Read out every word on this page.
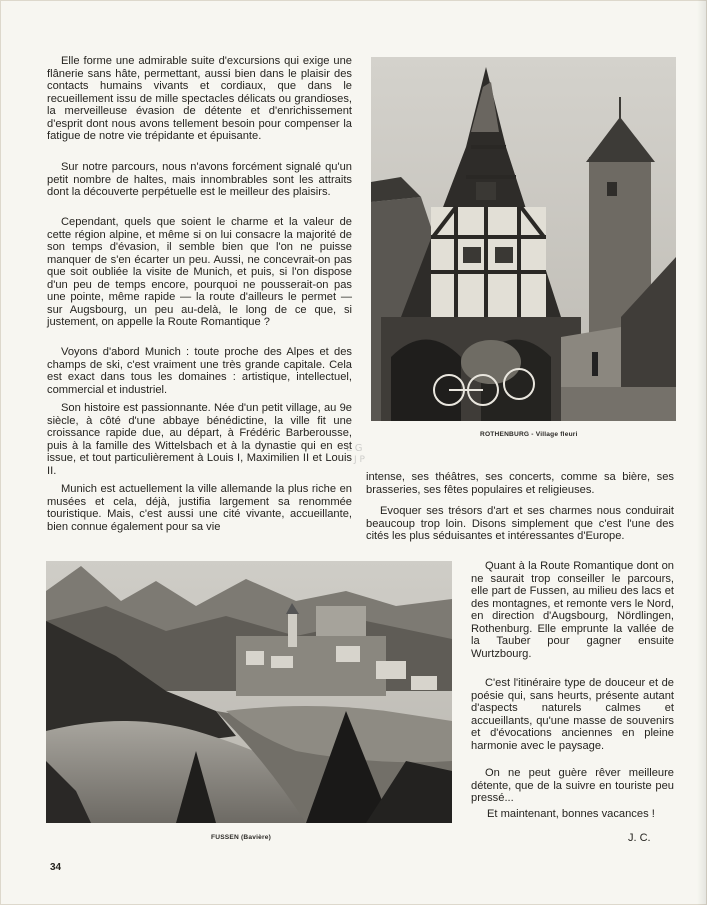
Elle forme une admirable suite d'excursions qui exige une flânerie sans hâte, permettant, aussi bien dans le plaisir des contacts humains vivants et cordiaux, que dans le recueillement issu de mille spectacles délicats ou grandioses, la merveilleuse évasion de détente et d'enrichissement d'esprit dont nous avons tellement besoin pour compenser la fatigue de notre vie trépidante et épuisante.

Sur notre parcours, nous n'avons forcément signalé qu'un petit nombre de haltes, mais innombrables sont les attraits dont la découverte perpétuelle est le meilleur des plaisirs.

Cependant, quels que soient le charme et la valeur de cette région alpine, et même si on lui consacre la majorité de son temps d'évasion, il semble bien que l'on ne puisse manquer de s'en écarter un peu. Aussi, ne concevrait-on pas que soit oubliée la visite de Munich, et puis, si l'on dispose d'un peu de temps encore, pourquoi ne pousserait-on pas une pointe, même rapide — la route d'ailleurs le permet — sur Augsbourg, un peu au-delà, le long de ce que, si justement, on appelle la Route Romantique ?

Voyons d'abord Munich : toute proche des Alpes et des champs de ski, c'est vraiment une très grande capitale. Cela est exact dans tous les domaines : artistique, intellectuel, commercial et industriel.

Son histoire est passionnante. Née d'un petit village, au 9e siècle, à côté d'une abbaye bénédictine, la ville fit une croissance rapide due, au départ, à Frédéric Barberousse, puis à la famille des Wittelsbach et à la dynastie qui en est issue, et tout particulièrement à Louis I, Maximilien II et Louis II.

Munich est actuellement la ville allemande la plus riche en musées et cela, déjà, justifia largement sa renommée touristique. Mais, c'est aussi une cité vivante, accueillante, bien connue également pour sa vie

L G
J P

intense, ses théâtres, ses concerts, comme sa bière, ses brasseries, ses fêtes populaires et religieuses.

Evoquer ses trésors d'art et ses charmes nous conduirait beaucoup trop loin. Disons simplement que c'est l'une des cités les plus séduisantes et intéressantes d'Europe.

Quant à la Route Romantique dont on ne saurait trop conseiller le parcours, elle part de Fussen, au milieu des lacs et des montagnes, et remonte vers le Nord, en direction d'Augsbourg, Nördlingen, Rothenburg. Elle emprunte la vallée de la Tauber pour gagner ensuite Wurtzbourg.

C'est l'itinéraire type de douceur et de poésie qui, sans heurts, présente autant d'aspects naturels calmes et accueillants, qu'une masse de souvenirs et d'évocations anciennes en pleine harmonie avec le paysage.

On ne peut guère rêver meilleure détente, que de la suivre en touriste peu pressé...

Et maintenant, bonnes vacances !

J. C.
ROTHENBURG - Village fleuri
FUSSEN (Bavière)
34
